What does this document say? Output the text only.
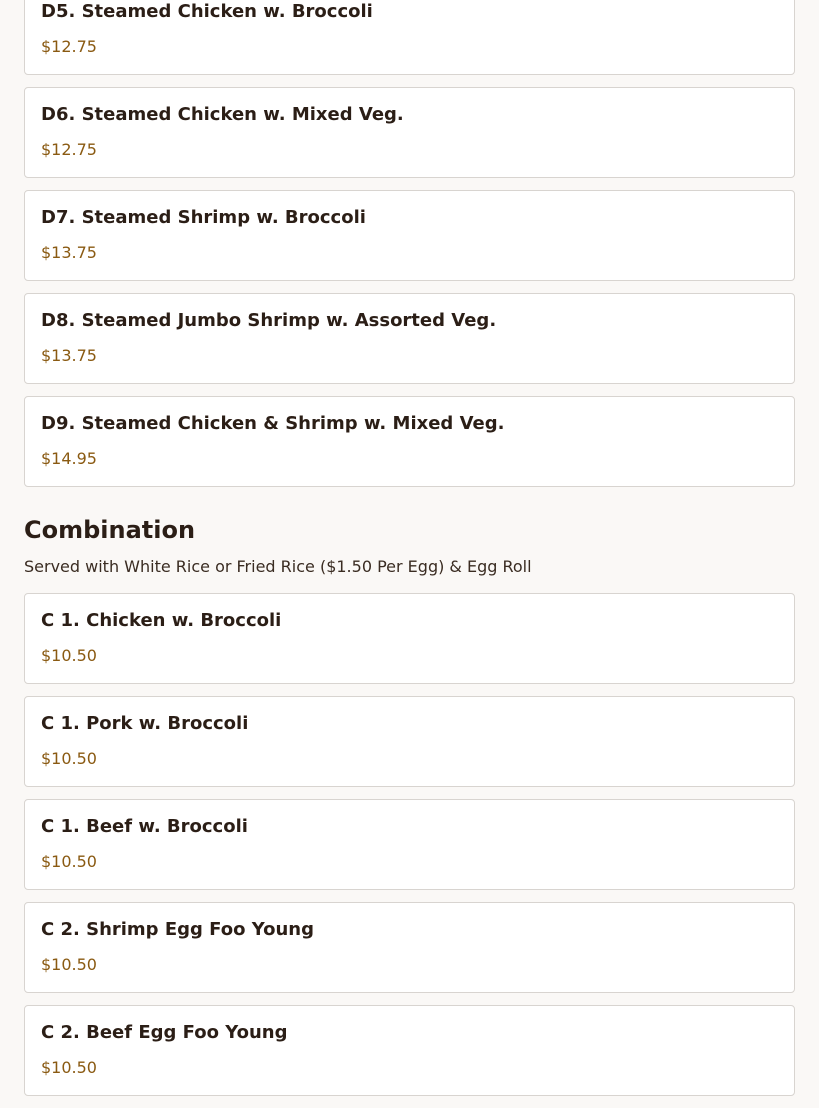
D5. Steamed Chicken w. Broccoli
$12.75
D6. Steamed Chicken w. Mixed Veg.
$12.75
D7. Steamed Shrimp w. Broccoli
$13.75
D8. Steamed Jumbo Shrimp w. Assorted Veg.
$13.75
D9. Steamed Chicken & Shrimp w. Mixed Veg.
$14.95
Combination
Served with White Rice or Fried Rice ($1.50 Per Egg) & Egg Roll
C 1. Chicken w. Broccoli
$10.50
C 1. Pork w. Broccoli
$10.50
C 1. Beef w. Broccoli
$10.50
C 2. Shrimp Egg Foo Young
$10.50
C 2. Beef Egg Foo Young
$10.50
